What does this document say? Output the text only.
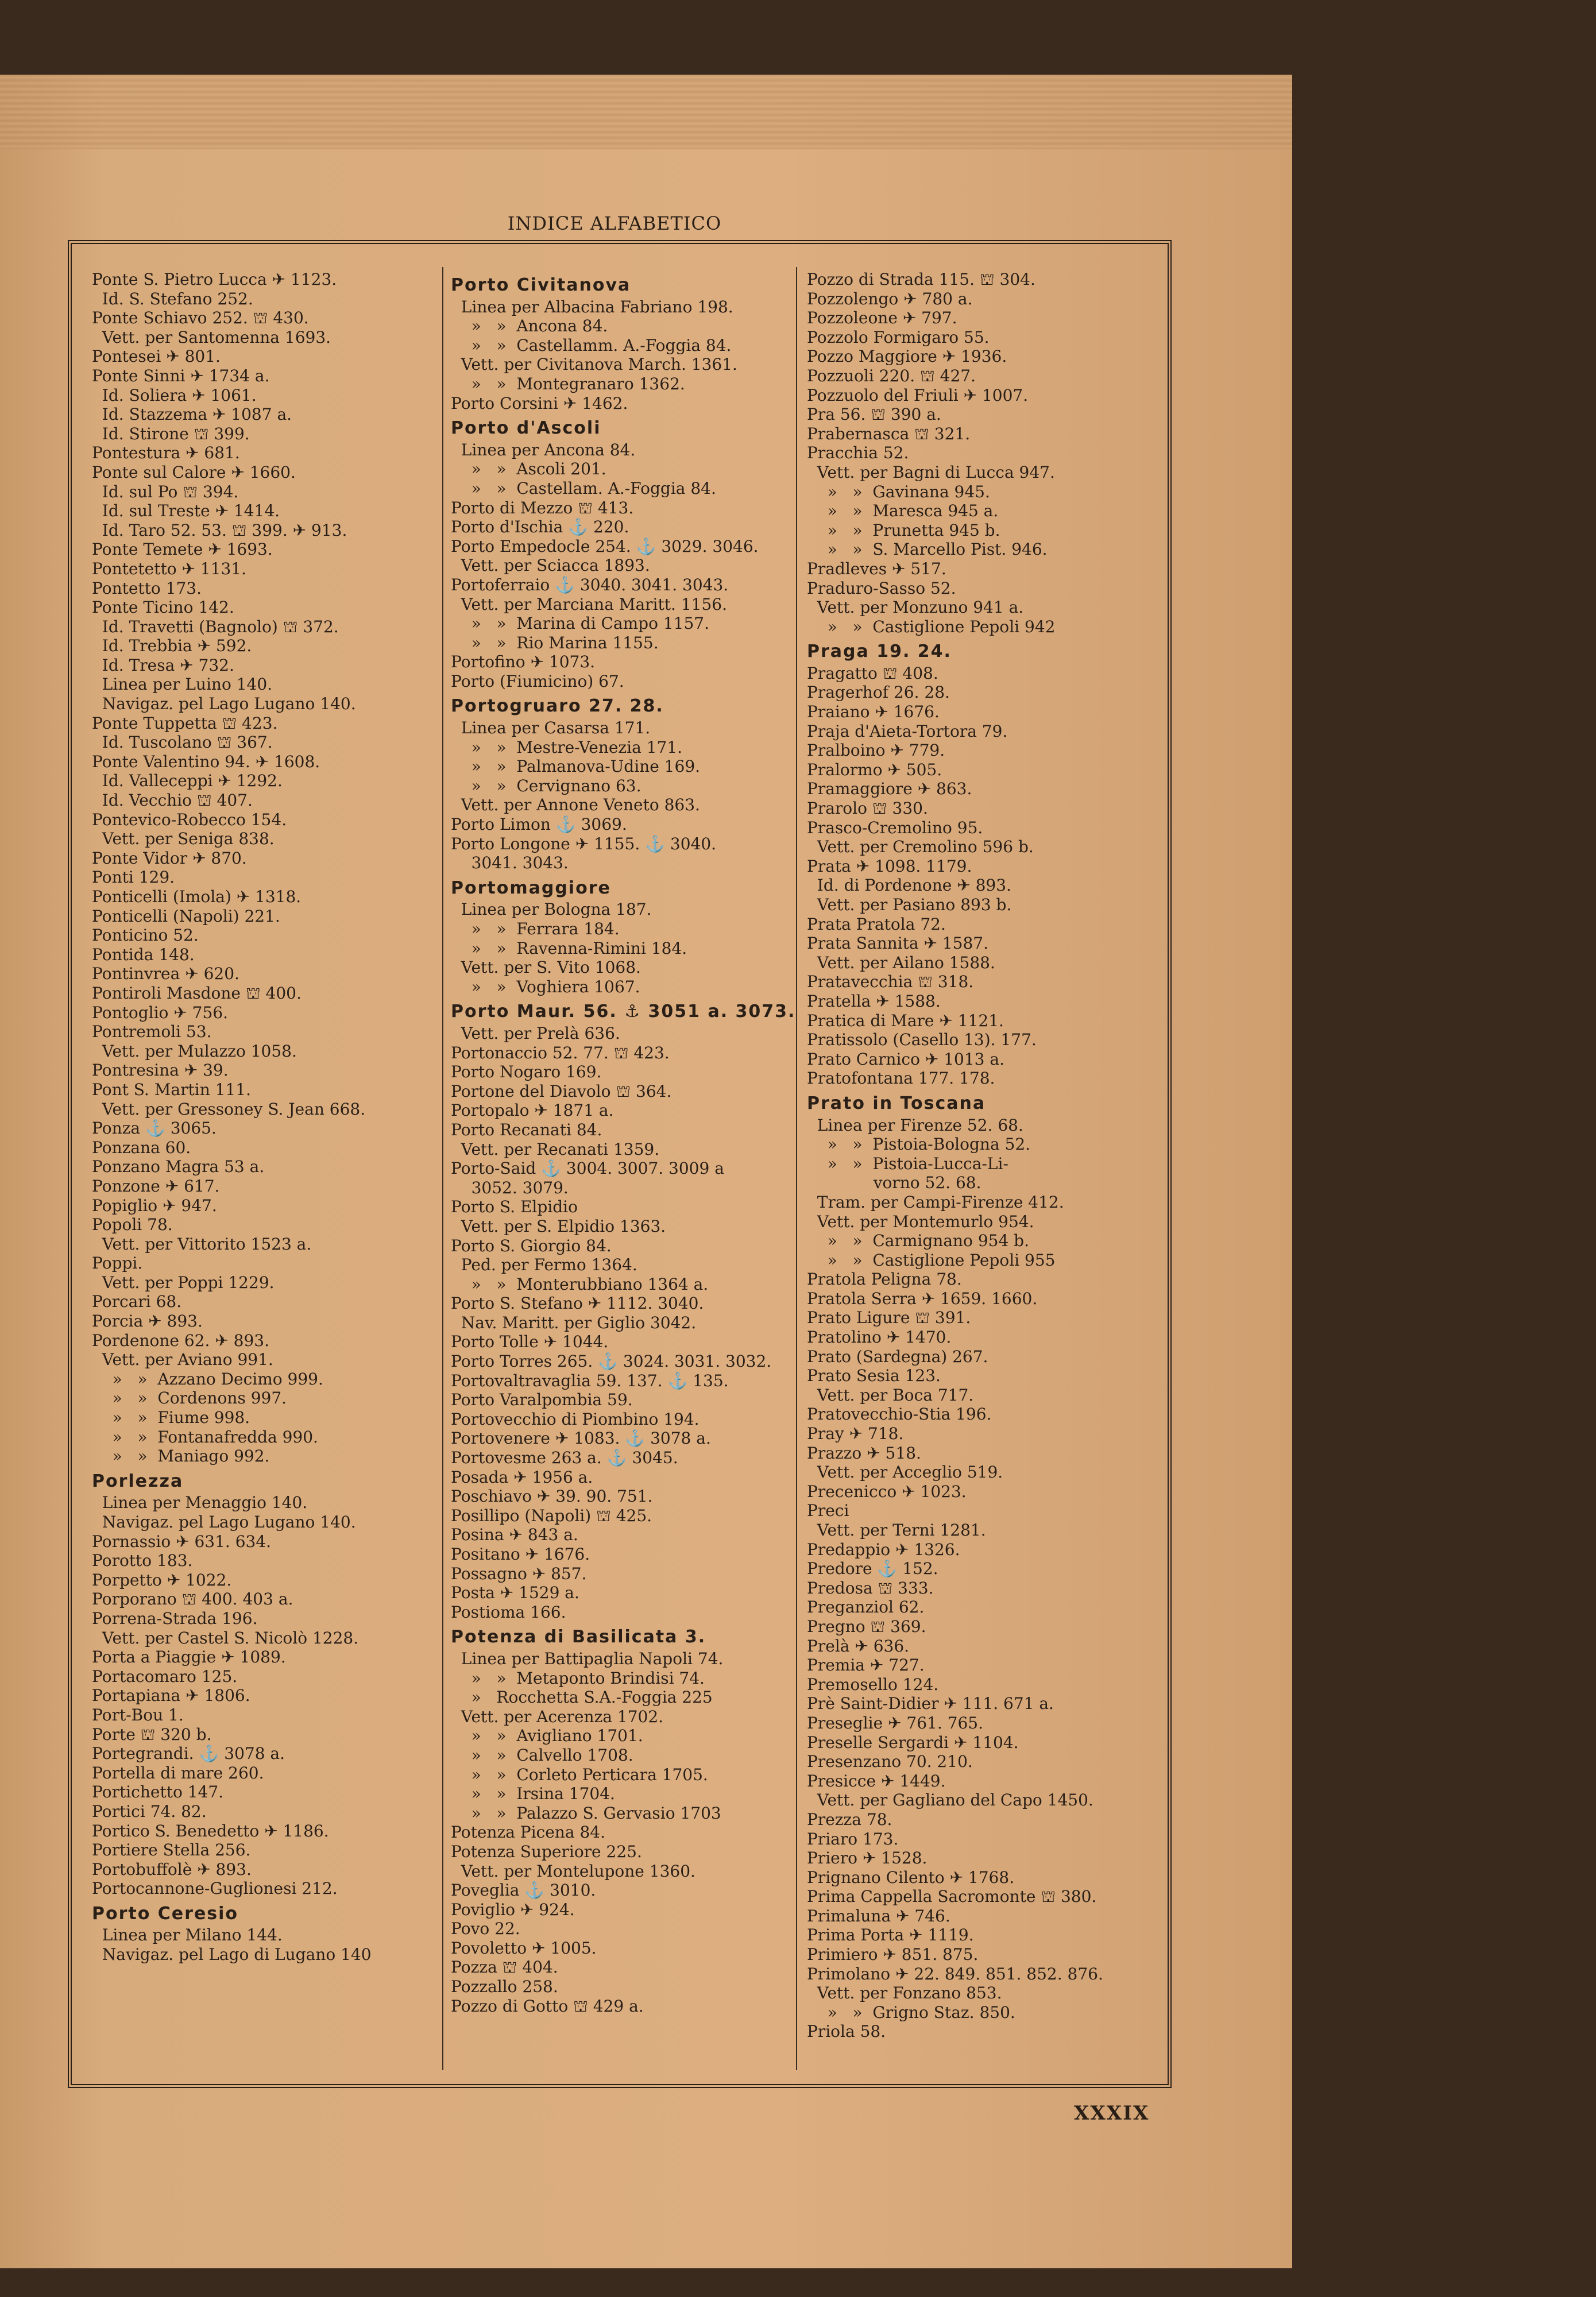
INDICE ALFABETICO
Ponte S. Pietro Lucca ✈ 1123.
Id. S. Stefano 252.
Ponte Schiavo 252. ⛫ 430.
Vett. per Santomenna 1693.
Pontesei ✈ 801.
Ponte Sinni ✈ 1734 a.
Id. Soliera ✈ 1061.
Id. Stazzema ✈ 1087 a.
Id. Stirone ⛫ 399.
Pontestura ✈ 681.
Ponte sul Calore ✈ 1660.
Id. sul Po ⛫ 394.
Id. sul Treste ✈ 1414.
Id. Taro 52. 53. ⛫ 399. ✈ 913.
Ponte Temete ✈ 1693.
Pontetetto ✈ 1131.
Pontetto 173.
Ponte Ticino 142.
Id. Travetti (Bagnolo) ⛫ 372.
Id. Trebbia ✈ 592.
Id. Tresa ✈ 732.
Linea per Luino 140.
Navigaz. pel Lago Lugano 140.
Ponte Tuppetta ⛫ 423.
Id. Tuscolano ⛫ 367.
Ponte Valentino 94. ✈ 1608.
Id. Valleceppi ✈ 1292.
Id. Vecchio ⛫ 407.
Pontevico-Robecco 154.
Vett. per Seniga 838.
Ponte Vidor ✈ 870.
Ponti 129.
Ponticelli (Imola) ✈ 1318.
Ponticelli (Napoli) 221.
Ponticino 52.
Pontida 148.
Pontinvrea ✈ 620.
Pontiroli Masdone ⛫ 400.
Pontoglio ✈ 756.
Pontremoli 53.
Vett. per Mulazzo 1058.
Pontresina ✈ 39.
Pont S. Martin 111.
Vett. per Gressoney S. Jean 668.
Ponza ⚓ 3065.
Ponzana 60.
Ponzano Magra 53 a.
Ponzone ✈ 617.
Popiglio ✈ 947.
Popoli 78.
Vett. per Vittorito 1523 a.
Poppi.
Vett. per Poppi 1229.
Porcari 68.
Porcia ✈ 893.
Pordenone 62. ✈ 893.
Vett. per Aviano 991.
»   »  Azzano Decimo 999.
»   »  Cordenons 997.
»   »  Fiume 998.
»   »  Fontanafredda 990.
»   »  Maniago 992.
Porlezza
Linea per Menaggio 140.
Navigaz. pel Lago Lugano 140.
Pornassio ✈ 631. 634.
Porotto 183.
Porpetto ✈ 1022.
Porporano ⛫ 400. 403 a.
Porrena-Strada 196.
Vett. per Castel S. Nicolò 1228.
Porta a Piaggie ✈ 1089.
Portacomaro 125.
Portapiana ✈ 1806.
Port-Bou 1.
Porte ⛫ 320 b.
Portegrandi. ⚓ 3078 a.
Portella di mare 260.
Portichetto 147.
Portici 74. 82.
Portico S. Benedetto ✈ 1186.
Portiere Stella 256.
Portobuffolè ✈ 893.
Portocannone-Guglionesi 212.
Porto Ceresio
Linea per Milano 144.
Navigaz. pel Lago di Lugano 140
Porto Civitanova
Linea per Albacina Fabriano 198.
»   »  Ancona 84.
»   »  Castellamm. A.-Foggia 84.
Vett. per Civitanova March. 1361.
»   »  Montegranaro 1362.
Porto Corsini ✈ 1462.
Porto d'Ascoli
Linea per Ancona 84.
»   »  Ascoli 201.
»   »  Castellam. A.-Foggia 84.
Porto di Mezzo ⛫ 413.
Porto d'Ischia ⚓ 220.
Porto Empedocle 254. ⚓ 3029. 3046.
Vett. per Sciacca 1893.
Portoferraio ⚓ 3040. 3041. 3043.
Vett. per Marciana Maritt. 1156.
»   »  Marina di Campo 1157.
»   »  Rio Marina 1155.
Portofino ✈ 1073.
Porto (Fiumicino) 67.
Portogruaro 27. 28.
Linea per Casarsa 171.
»   »  Mestre-Venezia 171.
»   »  Palmanova-Udine 169.
»   »  Cervignano 63.
Vett. per Annone Veneto 863.
Porto Limon ⚓ 3069.
Porto Longone ✈ 1155. ⚓ 3040.
3041. 3043.
Portomaggiore
Linea per Bologna 187.
»   »  Ferrara 184.
»   »  Ravenna-Rimini 184.
Vett. per S. Vito 1068.
»   »  Voghiera 1067.
Porto Maur. 56. ⚓ 3051 a. 3073.
Vett. per Prelà 636.
Portonaccio 52. 77. ⛫ 423.
Porto Nogaro 169.
Portone del Diavolo ⛫ 364.
Portopalo ✈ 1871 a.
Porto Recanati 84.
Vett. per Recanati 1359.
Porto-Said ⚓ 3004. 3007. 3009 a
3052. 3079.
Porto S. Elpidio
Vett. per S. Elpidio 1363.
Porto S. Giorgio 84.
Ped. per Fermo 1364.
»   »  Monterubbiano 1364 a.
Porto S. Stefano ✈ 1112. 3040.
Nav. Maritt. per Giglio 3042.
Porto Tolle ✈ 1044.
Porto Torres 265. ⚓ 3024. 3031. 3032.
Portovaltravaglia 59. 137. ⚓ 135.
Porto Varalpombia 59.
Portovecchio di Piombino 194.
Portovenere ✈ 1083. ⚓ 3078 a.
Portovesme 263 a. ⚓ 3045.
Posada ✈ 1956 a.
Poschiavo ✈ 39. 90. 751.
Posillipo (Napoli) ⛫ 425.
Posina ✈ 843 a.
Positano ✈ 1676.
Possagno ✈ 857.
Posta ✈ 1529 a.
Postioma 166.
Potenza di Basilicata 3.
Linea per Battipaglia Napoli 74.
»   »  Metaponto Brindisi 74.
»   Rocchetta S.A.-Foggia 225
Vett. per Acerenza 1702.
»   »  Avigliano 1701.
»   »  Calvello 1708.
»   »  Corleto Perticara 1705.
»   »  Irsina 1704.
»   »  Palazzo S. Gervasio 1703
Potenza Picena 84.
Potenza Superiore 225.
Vett. per Montelupone 1360.
Poveglia ⚓ 3010.
Poviglio ✈ 924.
Povo 22.
Povoletto ✈ 1005.
Pozza ⛫ 404.
Pozzallo 258.
Pozzo di Gotto ⛫ 429 a.
Pozzo di Strada 115. ⛫ 304.
Pozzolengo ✈ 780 a.
Pozzoleone ✈ 797.
Pozzolo Formigaro 55.
Pozzo Maggiore ✈ 1936.
Pozzuoli 220. ⛫ 427.
Pozzuolo del Friuli ✈ 1007.
Pra 56. ⛫ 390 a.
Prabernasca ⛫ 321.
Pracchia 52.
Vett. per Bagni di Lucca 947.
»   »  Gavinana 945.
»   »  Maresca 945 a.
»   »  Prunetta 945 b.
»   »  S. Marcello Pist. 946.
Pradleves ✈ 517.
Praduro-Sasso 52.
Vett. per Monzuno 941 a.
»   »  Castiglione Pepoli 942
Praga 19. 24.
Pragatto ⛫ 408.
Pragerhof 26. 28.
Praiano ✈ 1676.
Praja d'Aieta-Tortora 79.
Pralboino ✈ 779.
Pralormo ✈ 505.
Pramaggiore ✈ 863.
Prarolo ⛫ 330.
Prasco-Cremolino 95.
Vett. per Cremolino 596 b.
Prata ✈ 1098. 1179.
Id. di Pordenone ✈ 893.
Vett. per Pasiano 893 b.
Prata Pratola 72.
Prata Sannita ✈ 1587.
Vett. per Ailano 1588.
Pratavecchia ⛫ 318.
Pratella ✈ 1588.
Pratica di Mare ✈ 1121.
Pratissolo (Casello 13). 177.
Prato Carnico ✈ 1013 a.
Pratofontana 177. 178.
Prato in Toscana
Linea per Firenze 52. 68.
»   »  Pistoia-Bologna 52.
»   »  Pistoia-Lucca-Li-
vorno 52. 68.
Tram. per Campi-Firenze 412.
Vett. per Montemurlo 954.
»   »  Carmignano 954 b.
»   »  Castiglione Pepoli 955
Pratola Peligna 78.
Pratola Serra ✈ 1659. 1660.
Prato Ligure ⛫ 391.
Pratolino ✈ 1470.
Prato (Sardegna) 267.
Prato Sesia 123.
Vett. per Boca 717.
Pratovecchio-Stia 196.
Pray ✈ 718.
Prazzo ✈ 518.
Vett. per Acceglio 519.
Precenicco ✈ 1023.
Preci
Vett. per Terni 1281.
Predappio ✈ 1326.
Predore ⚓ 152.
Predosa ⛫ 333.
Preganziol 62.
Pregno ⛫ 369.
Prelà ✈ 636.
Premia ✈ 727.
Premosello 124.
Prè Saint-Didier ✈ 111. 671 a.
Preseglie ✈ 761. 765.
Preselle Sergardi ✈ 1104.
Presenzano 70. 210.
Presicce ✈ 1449.
Vett. per Gagliano del Capo 1450.
Prezza 78.
Priaro 173.
Priero ✈ 1528.
Prignano Cilento ✈ 1768.
Prima Cappella Sacromonte ⛫ 380.
Primaluna ✈ 746.
Prima Porta ✈ 1119.
Primiero ✈ 851. 875.
Primolano ✈ 22. 849. 851. 852. 876.
Vett. per Fonzano 853.
»   »  Grigno Staz. 850.
Priola 58.
XXXIX
